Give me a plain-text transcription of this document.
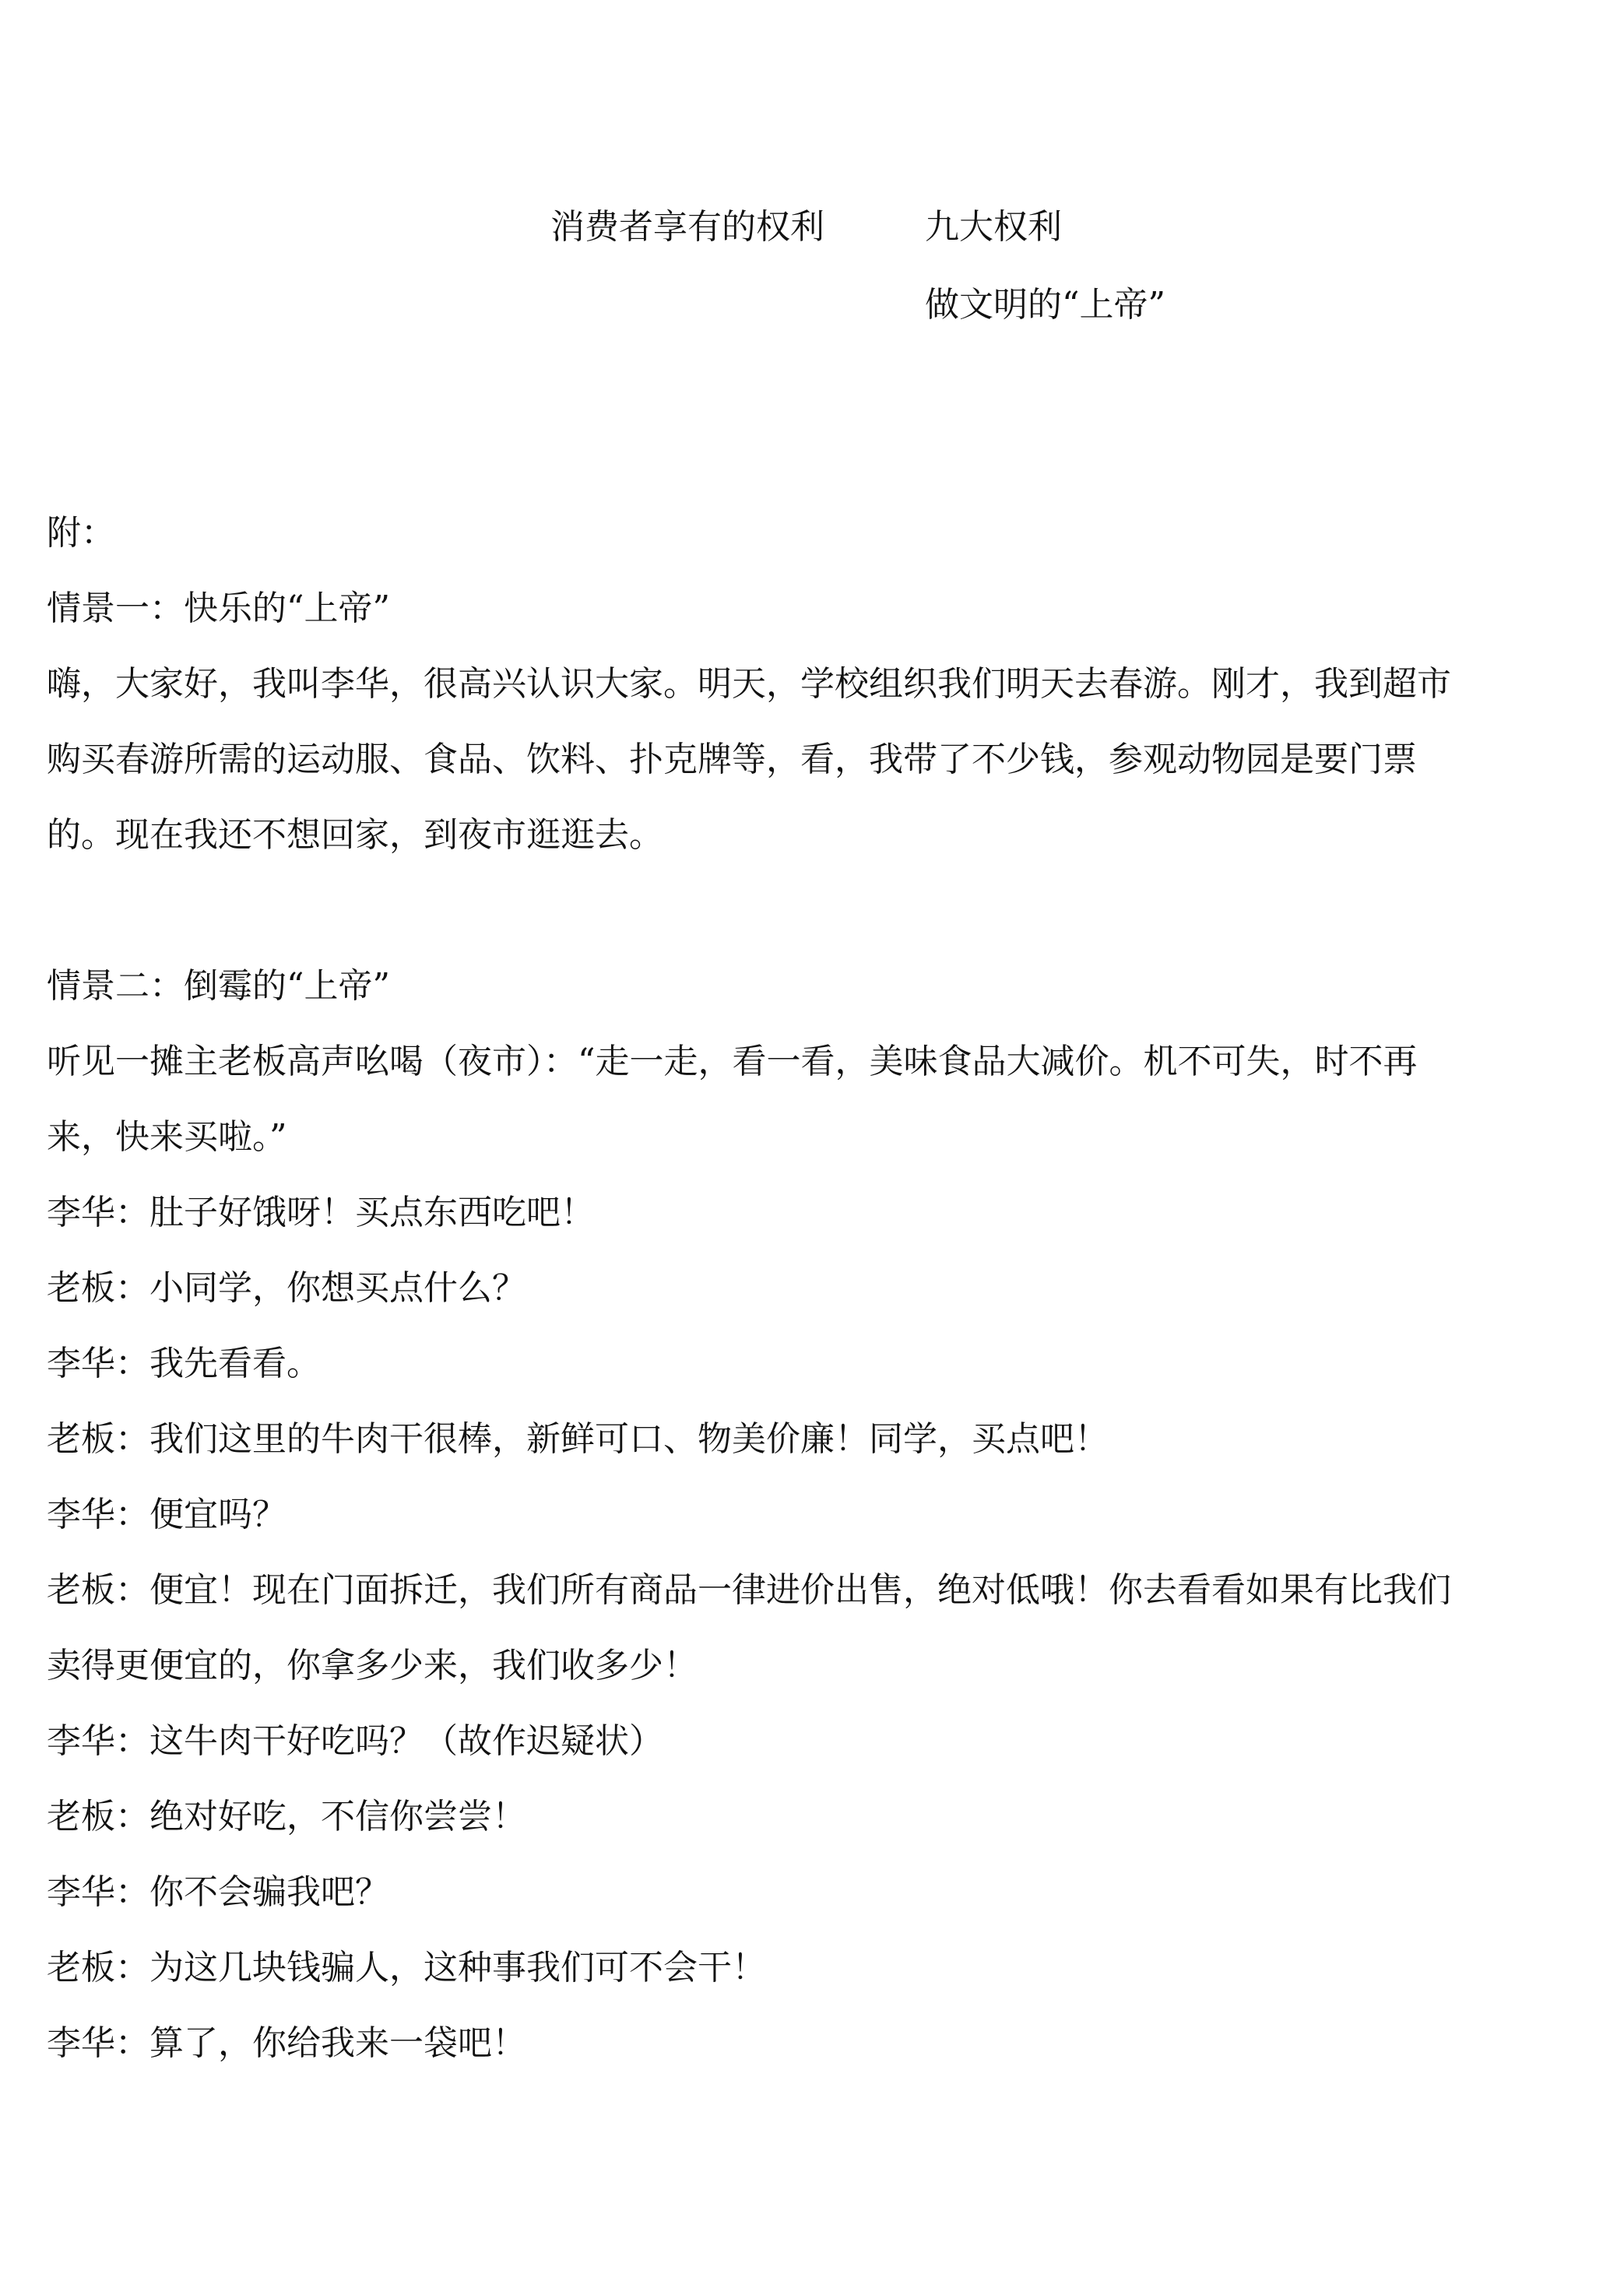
消费者享有的权利	九大权利
做文明的“上帝”
附：
情景一：快乐的“上帝”
嗨，大家好，我叫李华，很高兴认识大家。明天，学校组织我们明天去春游。刚才，我到超市
购买春游所需的运动服、食品、饮料、扑克牌等，看，我带了不少钱，参观动物园是要门票
的。现在我还不想回家，到夜市逛逛去。
情景二：倒霉的“上帝”
听见一摊主老板高声吆喝（夜市）：“走一走，看一看，美味食品大减价。机不可失，时不再
来，快来买啦。”
李华：肚子好饿呀！买点东西吃吧！
老板：小同学，你想买点什么？
李华：我先看看。
老板：我们这里的牛肉干很棒，新鲜可口、物美价廉！同学，买点吧！
李华：便宜吗？
老板：便宜！现在门面拆迁，我们所有商品一律进价出售，绝对低哦！你去看看如果有比我们
卖得更便宜的，你拿多少来，我们收多少！
李华：这牛肉干好吃吗？（故作迟疑状）
老板：绝对好吃，不信你尝尝！
李华：你不会骗我吧？
老板：为这几块钱骗人，这种事我们可不会干！
李华：算了，你给我来一袋吧！
